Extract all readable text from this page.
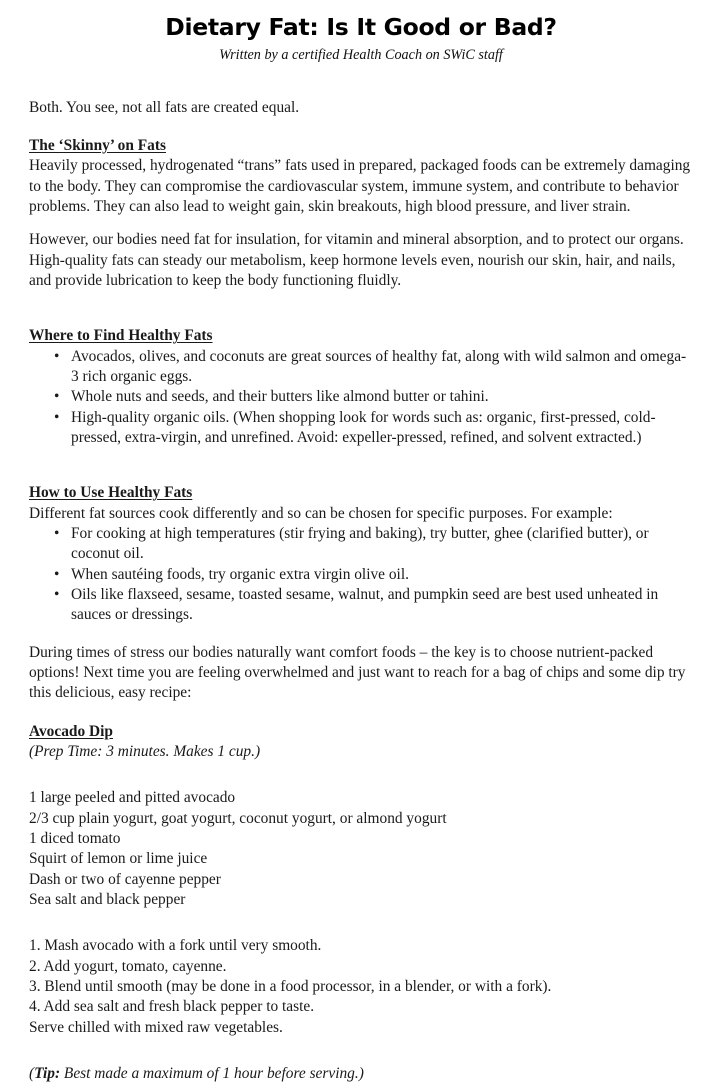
Dietary Fat: Is It Good or Bad?

Written by a certified Health Coach on SWiC staff

Both. You see, not all fats are created equal.

The ‘Skinny’ on Fats

Heavily processed, hydrogenated “trans” fats used in prepared, packaged foods can be extremely damaging to the body. They can compromise the cardiovascular system, immune system, and contribute to behavior problems. They can also lead to weight gain, skin breakouts, high blood pressure, and liver strain.

However, our bodies need fat for insulation, for vitamin and mineral absorption, and to protect our organs. High-quality fats can steady our metabolism, keep hormone levels even, nourish our skin, hair, and nails, and provide lubrication to keep the body functioning fluidly.

Where to Find Healthy Fats
• Avocados, olives, and coconuts are great sources of healthy fat, along with wild salmon and omega-3 rich organic eggs.
• Whole nuts and seeds, and their butters like almond butter or tahini.
• High-quality organic oils. (When shopping look for words such as: organic, first-pressed, cold-pressed, extra-virgin, and unrefined. Avoid: expeller-pressed, refined, and solvent extracted.)
How to Use Healthy Fats

Different fat sources cook differently and so can be chosen for specific purposes. For example:

• For cooking at high temperatures (stir frying and baking), try butter, ghee (clarified butter), or coconut oil.
• When sautéing foods, try organic extra virgin olive oil.
• Oils like flaxseed, sesame, toasted sesame, walnut, and pumpkin seed are best used unheated in sauces or dressings.

During times of stress our bodies naturally want comfort foods – the key is to choose nutrient-packed options! Next time you are feeling overwhelmed and just want to reach for a bag of chips and some dip try this delicious, easy recipe:

Avocado Dip

(Prep Time: 3 minutes. Makes 1 cup.)

1 large peeled and pitted avocado
2/3 cup plain yogurt, goat yogurt, coconut yogurt, or almond yogurt
1 diced tomato
Squirt of lemon or lime juice
Dash or two of cayenne pepper
Sea salt and black pepper
1. Mash avocado with a fork until very smooth.
2. Add yogurt, tomato, cayenne.
3. Blend until smooth (may be done in a food processor, in a blender, or with a fork).
4. Add sea salt and fresh black pepper to taste.
Serve chilled with mixed raw vegetables.

(Tip: Best made a maximum of 1 hour before serving.)
